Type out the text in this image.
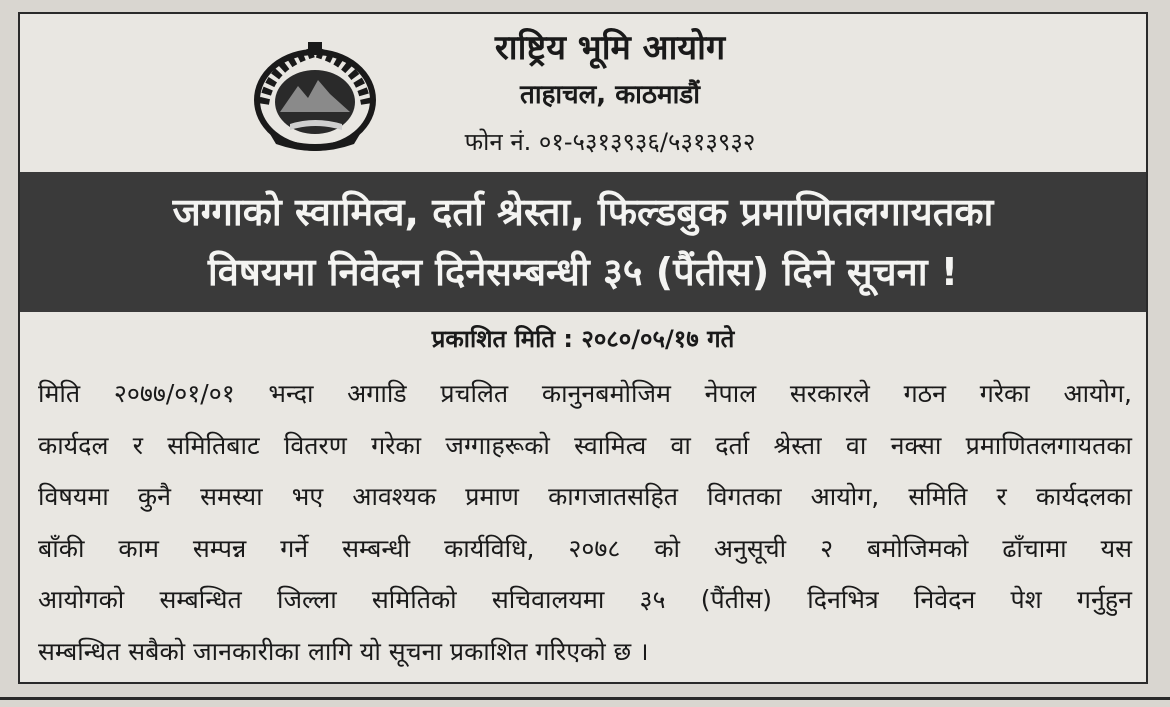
राष्ट्रिय भूमि आयोग
ताहाचल, काठमाडौं
फोन नं. ०१-५३१३९३६/५३१३९३२
जग्गाको स्वामित्व, दर्ता श्रेस्ता, फिल्डबुक प्रमाणितलगायतका
विषयमा निवेदन दिनेसम्बन्धी ३५ (पैंतीस) दिने सूचना !
प्रकाशित मिति : २०८०/०५/१७ गते
मिति २०७७/०१/०१ भन्दा अगाडि प्रचलित कानुनबमोजिम नेपाल सरकारले गठन गरेका आयोग,
कार्यदल र समितिबाट वितरण गरेका जग्गाहरूको स्वामित्व वा दर्ता श्रेस्ता वा नक्सा प्रमाणितलगायतका
विषयमा कुनै समस्या भए आवश्यक प्रमाण कागजातसहित विगतका आयोग, समिति र कार्यदलका
बाँकी काम सम्पन्न गर्ने सम्बन्धी कार्यविधि, २०७८ को अनुसूची २ बमोजिमको ढाँचामा यस
आयोगको सम्बन्धित जिल्ला समितिको सचिवालयमा ३५ (पैंतीस) दिनभित्र निवेदन पेश गर्नुहुन
सम्बन्धित सबैको जानकारीका लागि यो सूचना प्रकाशित गरिएको छ ।
